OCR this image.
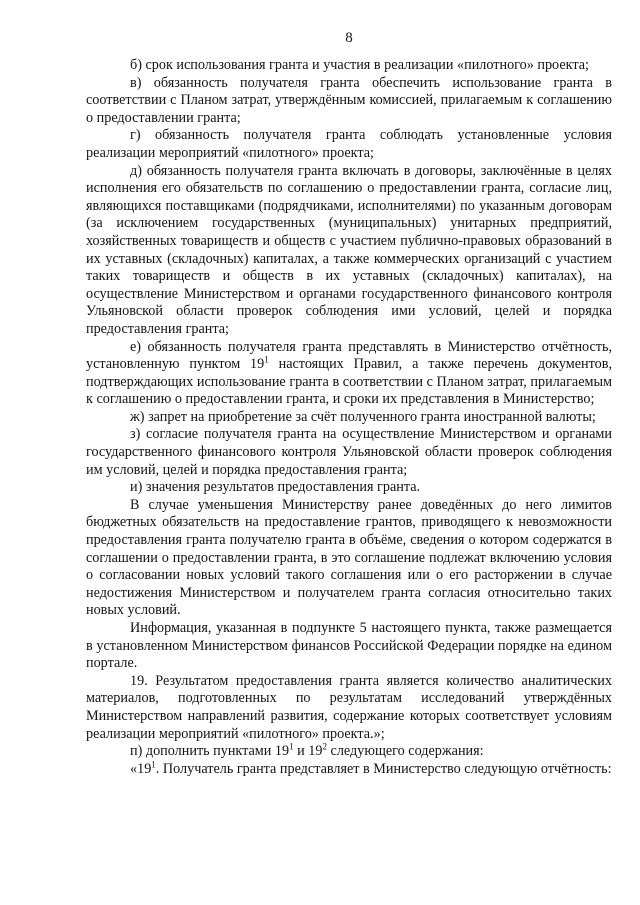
8

б) срок использования гранта и участия в реализации «пилотного» проекта;

в) обязанность получателя гранта обеспечить использование гранта в соответствии с Планом затрат, утверждённым комиссией, прилагаемым к соглашению о предоставлении гранта;

г) обязанность получателя гранта соблюдать установленные условия реализации мероприятий «пилотного» проекта;

д) обязанность получателя гранта включать в договоры, заключённые в целях исполнения его обязательств по соглашению о предоставлении гранта, согласие лиц, являющихся поставщиками (подрядчиками, исполнителями) по указанным договорам (за исключением государственных (муниципальных) унитарных предприятий, хозяйственных товариществ и обществ с участием публично-правовых образований в их уставных (складочных) капиталах, а также коммерческих организаций с участием таких товариществ и обществ в их уставных (складочных) капиталах), на осуществление Министерством и органами государственного финансового контроля Ульяновской области проверок соблюдения ими условий, целей и порядка предоставления гранта;

е) обязанность получателя гранта представлять в Министерство отчётность, установленную пунктом $19^1$ настоящих Правил, а также перечень документов, подтверждающих использование гранта в соответствии с Планом затрат, прилагаемым к соглашению о предоставлении гранта, и сроки их представления в Министерство;

ж) запрет на приобретение за счёт полученного гранта иностранной валюты;

з) согласие получателя гранта на осуществление Министерством и органами государственного финансового контроля Ульяновской области проверок соблюдения им условий, целей и порядка предоставления гранта;

и) значения результатов предоставления гранта.

В случае уменьшения Министерству ранее доведённых до него лимитов бюджетных обязательств на предоставление грантов, приводящего к невозможности предоставления гранта получателю гранта в объёме, сведения о котором содержатся в соглашении о предоставлении гранта, в это соглашение подлежат включению условия о согласовании новых условий такого соглашения или о его расторжении в случае недостижения Министерством и получателем гранта согласия относительно таких новых условий.

Информация, указанная в подпункте 5 настоящего пункта, также размещается в установленном Министерством финансов Российской Федерации порядке на едином портале.

19. Результатом предоставления гранта является количество аналитических материалов, подготовленных по результатам исследований утверждённых Министерством направлений развития, содержание которых соответствует условиям реализации мероприятий «пилотного» проекта.»;

п) дополнить пунктами $19^1$ и $19^2$ следующего содержания:

«$19^1$. Получатель гранта представляет в Министерство следующую отчётность:
